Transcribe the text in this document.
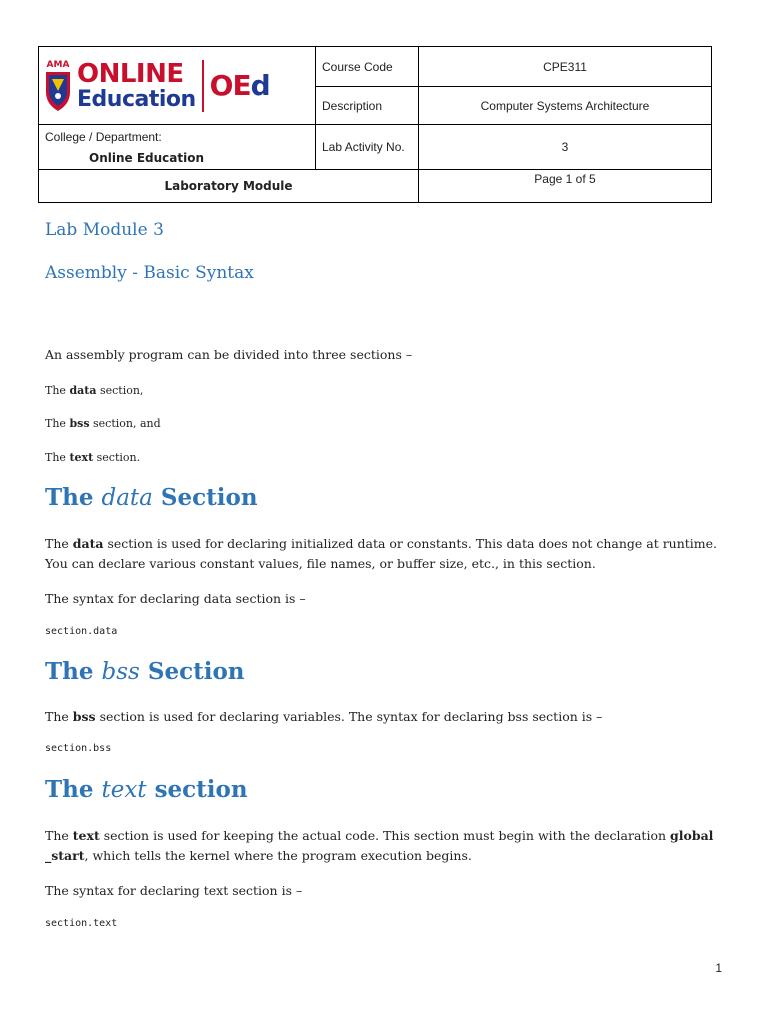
AMA ONLINE
Education OEd	Course Code	CPE311
	Description	Computer Systems Architecture

College / Department:
Online Education	Lab Activity No.	3
Laboratory Module		Page 1 of 5
Lab Module 3
Assembly - Basic Syntax
An assembly program can be divided into three sections –
The data section,
The bss section, and
The text section.
The data Section
The data section is used for declaring initialized data or constants. This data does not change at runtime. You can declare various constant values, file names, or buffer size, etc., in this section.
The syntax for declaring data section is –
section.data
The bss Section
The bss section is used for declaring variables. The syntax for declaring bss section is –
section.bss
The text section
The text section is used for keeping the actual code. This section must begin with the declaration global _start, which tells the kernel where the program execution begins.
The syntax for declaring text section is –
section.text
1
